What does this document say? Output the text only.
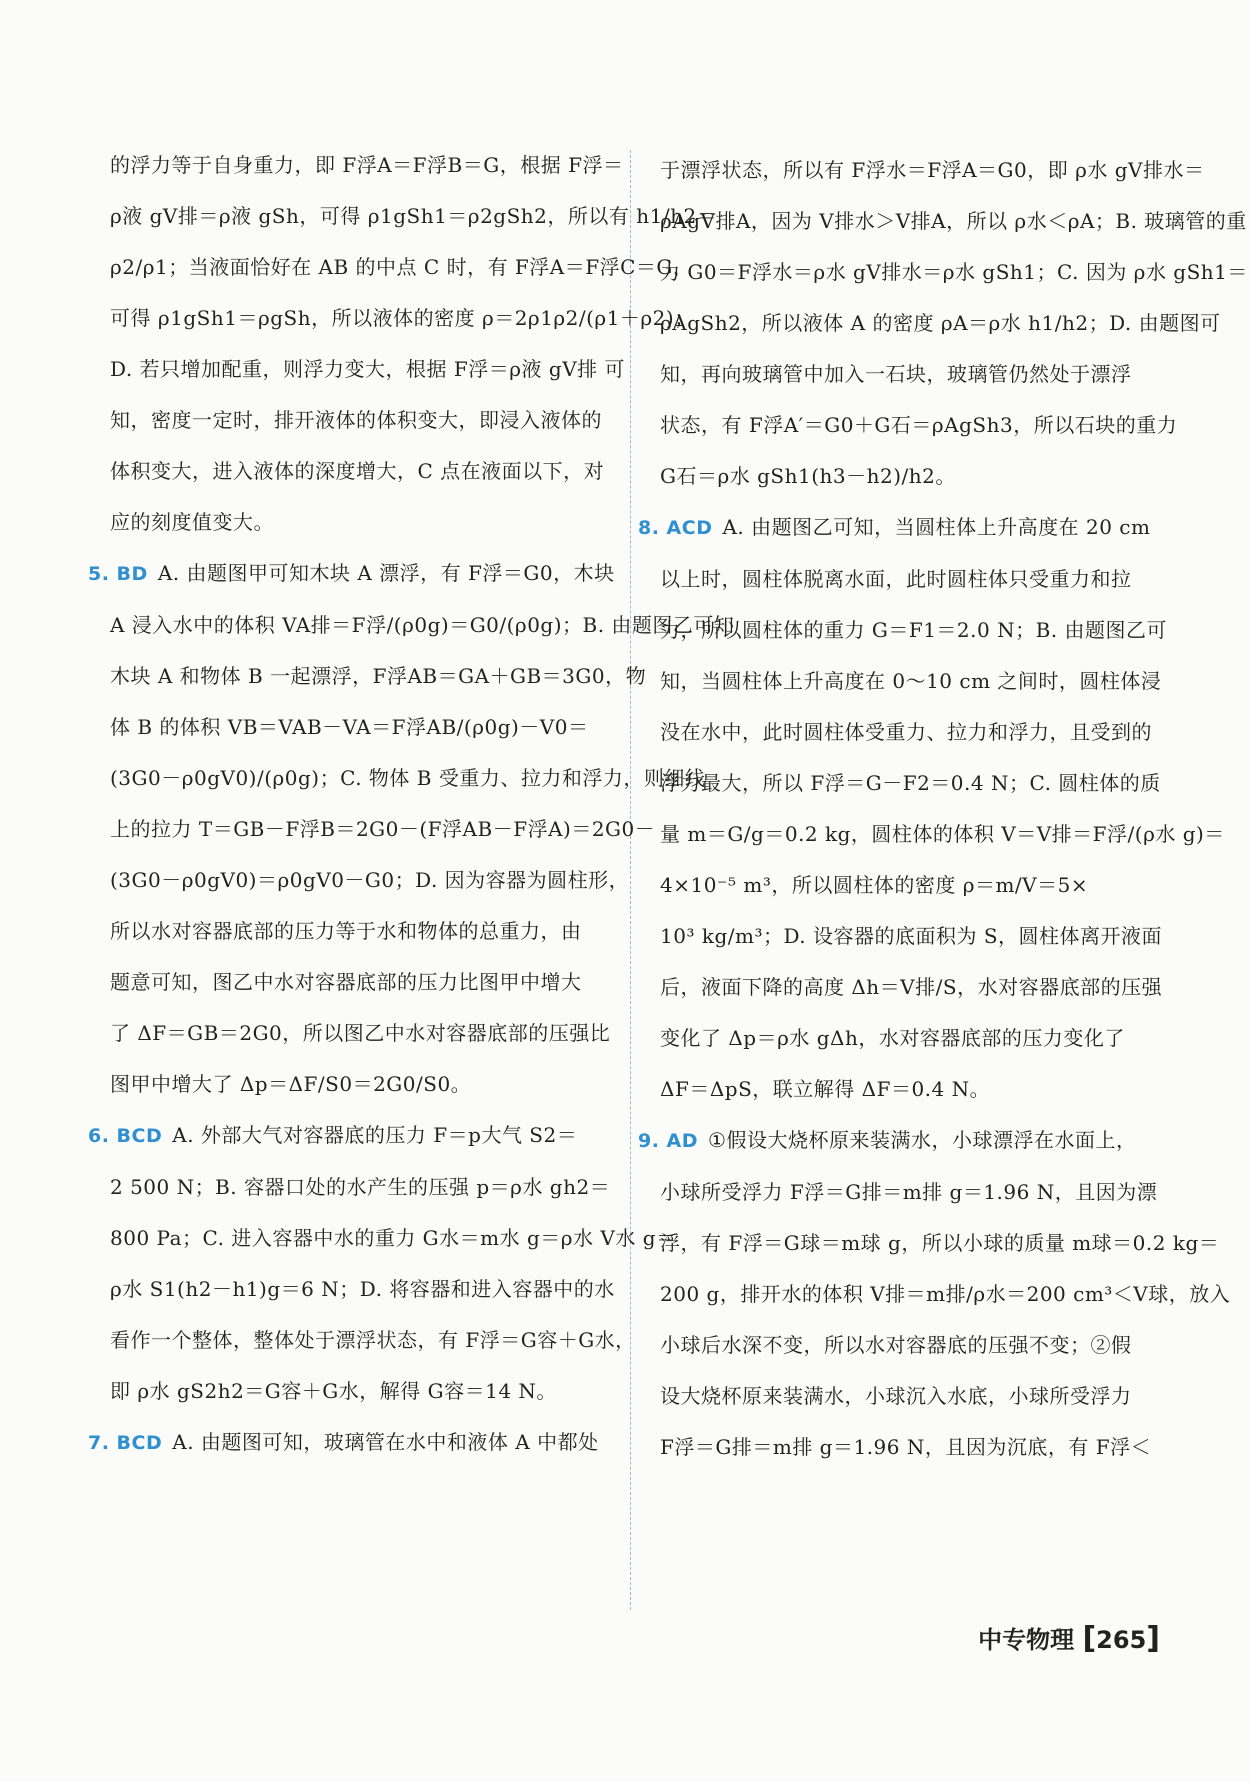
的浮力等于自身重力，即 F浮A＝F浮B＝G，根据 F浮＝
ρ液 gV排＝ρ液 gSh，可得 ρ1gSh1＝ρ2gSh2，所以有 h1/h2＝
ρ2/ρ1；当液面恰好在 AB 的中点 C 时，有 F浮A＝F浮C＝G，
可得 ρ1gSh1＝ρgSh，所以液体的密度 ρ＝2ρ1ρ2/(ρ1＋ρ2)；
D. 若只增加配重，则浮力变大，根据 F浮＝ρ液 gV排 可
知，密度一定时，排开液体的体积变大，即浸入液体的
体积变大，进入液体的深度增大，C 点在液面以下，对
应的刻度值变大。
5. BD A. 由题图甲可知木块 A 漂浮，有 F浮＝G0，木块
A 浸入水中的体积 VA排＝F浮/(ρ0g)＝G0/(ρ0g)；B. 由题图乙可知
木块 A 和物体 B 一起漂浮，F浮AB＝GA＋GB＝3G0，物
体 B 的体积 VB＝VAB－VA＝F浮AB/(ρ0g)－V0＝
(3G0－ρ0gV0)/(ρ0g)；C. 物体 B 受重力、拉力和浮力，则细线
上的拉力 T＝GB－F浮B＝2G0－(F浮AB－F浮A)＝2G0－
(3G0－ρ0gV0)＝ρ0gV0－G0；D. 因为容器为圆柱形，
所以水对容器底部的压力等于水和物体的总重力，由
题意可知，图乙中水对容器底部的压力比图甲中增大
了 ΔF＝GB＝2G0，所以图乙中水对容器底部的压强比
图甲中增大了 Δp＝ΔF/S0＝2G0/S0。
6. BCD A. 外部大气对容器底的压力 F＝p大气 S2＝
2 500 N；B. 容器口处的水产生的压强 p＝ρ水 gh2＝
800 Pa；C. 进入容器中水的重力 G水＝m水 g＝ρ水 V水 g＝
ρ水 S1(h2－h1)g＝6 N；D. 将容器和进入容器中的水
看作一个整体，整体处于漂浮状态，有 F浮＝G容＋G水，
即 ρ水 gS2h2＝G容＋G水，解得 G容＝14 N。
7. BCD A. 由题图可知，玻璃管在水中和液体 A 中都处
于漂浮状态，所以有 F浮水＝F浮A＝G0，即 ρ水 gV排水＝
ρAgV排A，因为 V排水＞V排A，所以 ρ水＜ρA；B. 玻璃管的重
力 G0＝F浮水＝ρ水 gV排水＝ρ水 gSh1；C. 因为 ρ水 gSh1＝
ρAgSh2，所以液体 A 的密度 ρA＝ρ水 h1/h2；D. 由题图可
知，再向玻璃管中加入一石块，玻璃管仍然处于漂浮
状态，有 F浮A′＝G0＋G石＝ρAgSh3，所以石块的重力
G石＝ρ水 gSh1(h3－h2)/h2。
8. ACD A. 由题图乙可知，当圆柱体上升高度在 20 cm
以上时，圆柱体脱离水面，此时圆柱体只受重力和拉
力，所以圆柱体的重力 G＝F1＝2.0 N；B. 由题图乙可
知，当圆柱体上升高度在 0～10 cm 之间时，圆柱体浸
没在水中，此时圆柱体受重力、拉力和浮力，且受到的
浮力最大，所以 F浮＝G－F2＝0.4 N；C. 圆柱体的质
量 m＝G/g＝0.2 kg，圆柱体的体积 V＝V排＝F浮/(ρ水 g)＝
4×10⁻⁵ m³，所以圆柱体的密度 ρ＝m/V＝5×
10³ kg/m³；D. 设容器的底面积为 S，圆柱体离开液面
后，液面下降的高度 Δh＝V排/S，水对容器底部的压强
变化了 Δp＝ρ水 gΔh，水对容器底部的压力变化了
ΔF＝ΔpS，联立解得 ΔF＝0.4 N。
9. AD ①假设大烧杯原来装满水，小球漂浮在水面上，
小球所受浮力 F浮＝G排＝m排 g＝1.96 N，且因为漂
浮，有 F浮＝G球＝m球 g，所以小球的质量 m球＝0.2 kg＝
200 g，排开水的体积 V排＝m排/ρ水＝200 cm³＜V球，放入
小球后水深不变，所以水对容器底的压强不变；②假
设大烧杯原来装满水，小球沉入水底，小球所受浮力
F浮＝G排＝m排 g＝1.96 N，且因为沉底，有 F浮＜
中专物理 [265]
